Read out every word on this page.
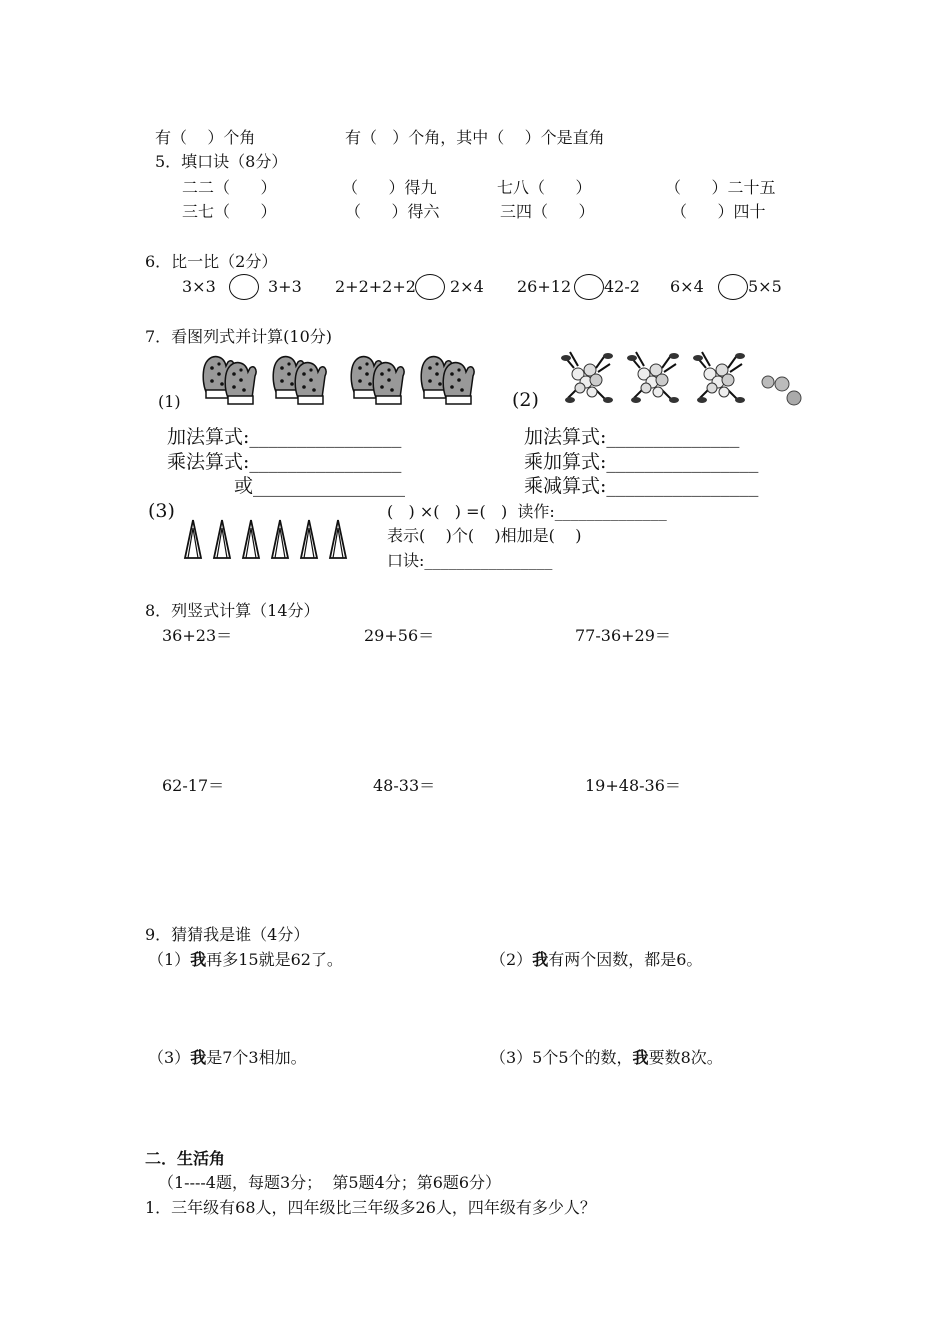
有（    ）个角	有（   ）个角，其中（    ）个是直角
5．填口诀（8分）
二二（      ）	（      ）得九	七八（      ）	（      ）二十五
三七（      ）	（      ）得六	三四（      ）	（      ）四十
6．比一比（2分）
3×3	3+3 2+2+2+2 2×4 26+12 42-2 6×4	5×5
7．看图列式并计算(10分)
(1)	(2)
加法算式:________________
乘法算式:________________
或________________
加法算式:______________
乘加算式:________________
乘减算式:________________
(3)	(   ) ×(   ) =(   )  读作:______________
表示(    )个(    )相加是(    )
口诀:________________
8．列竖式计算（14分）
36+23＝	29+56＝	77-36+29＝
62-17＝	48-33＝	19+48-36＝
9．猜猜我是谁（4分）
（1）我再多15就是62了。	（2）我有两个因数，都是6。
（3）我是7个3相加。	（3）5个5个的数，我要数8次。
二．生活角
（1----4题，每题3分；  第5题4分；第6题6分）
1．三年级有68人，四年级比三年级多26人，四年级有多少人？
